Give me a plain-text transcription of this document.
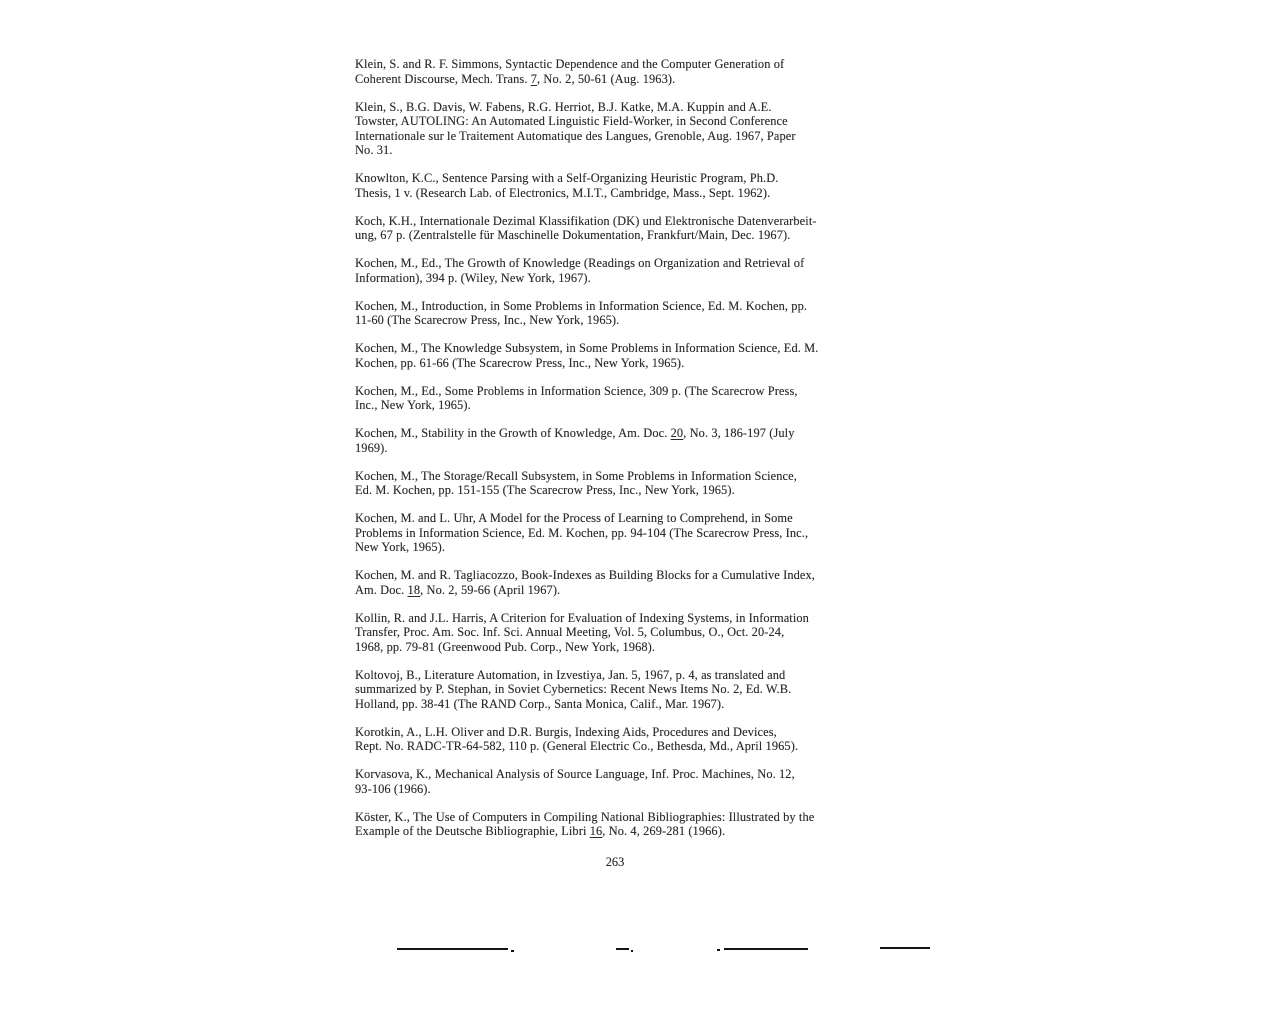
Klein, S. and R. F. Simmons, Syntactic Dependence and the Computer Generation of
Coherent Discourse, Mech. Trans. 7, No. 2, 50-61 (Aug. 1963).
Klein, S., B.G. Davis, W. Fabens, R.G. Herriot, B.J. Katke, M.A. Kuppin and A.E.
Towster, AUTOLING: An Automated Linguistic Field-Worker, in Second Conference
Internationale sur le Traitement Automatique des Langues, Grenoble, Aug. 1967, Paper
No. 31.
Knowlton, K.C., Sentence Parsing with a Self-Organizing Heuristic Program, Ph.D.
Thesis, 1 v. (Research Lab. of Electronics, M.I.T., Cambridge, Mass., Sept. 1962).
Koch, K.H., Internationale Dezimal Klassifikation (DK) und Elektronische Datenverarbeit-
ung, 67 p. (Zentralstelle für Maschinelle Dokumentation, Frankfurt/Main, Dec. 1967).
Kochen, M., Ed., The Growth of Knowledge (Readings on Organization and Retrieval of
Information), 394 p. (Wiley, New York, 1967).
Kochen, M., Introduction, in Some Problems in Information Science, Ed. M. Kochen, pp.
11-60 (The Scarecrow Press, Inc., New York, 1965).
Kochen, M., The Knowledge Subsystem, in Some Problems in Information Science, Ed. M.
Kochen, pp. 61-66 (The Scarecrow Press, Inc., New York, 1965).
Kochen, M., Ed., Some Problems in Information Science, 309 p. (The Scarecrow Press,
Inc., New York, 1965).
Kochen, M., Stability in the Growth of Knowledge, Am. Doc. 20, No. 3, 186-197 (July
1969).
Kochen, M., The Storage/Recall Subsystem, in Some Problems in Information Science,
Ed. M. Kochen, pp. 151-155 (The Scarecrow Press, Inc., New York, 1965).
Kochen, M. and L. Uhr, A Model for the Process of Learning to Comprehend, in Some
Problems in Information Science, Ed. M. Kochen, pp. 94-104 (The Scarecrow Press, Inc.,
New York, 1965).
Kochen, M. and R. Tagliacozzo, Book-Indexes as Building Blocks for a Cumulative Index,
Am. Doc. 18, No. 2, 59-66 (April 1967).
Kollin, R. and J.L. Harris, A Criterion for Evaluation of Indexing Systems, in Information
Transfer, Proc. Am. Soc. Inf. Sci. Annual Meeting, Vol. 5, Columbus, O., Oct. 20-24,
1968, pp. 79-81 (Greenwood Pub. Corp., New York, 1968).
Koltovoj, B., Literature Automation, in Izvestiya, Jan. 5, 1967, p. 4, as translated and
summarized by P. Stephan, in Soviet Cybernetics: Recent News Items No. 2, Ed. W.B.
Holland, pp. 38-41 (The RAND Corp., Santa Monica, Calif., Mar. 1967).
Korotkin, A., L.H. Oliver and D.R. Burgis, Indexing Aids, Procedures and Devices,
Rept. No. RADC-TR-64-582, 110 p. (General Electric Co., Bethesda, Md., April 1965).
Korvasova, K., Mechanical Analysis of Source Language, Inf. Proc. Machines, No. 12,
93-106 (1966).
Köster, K., The Use of Computers in Compiling National Bibliographies: Illustrated by the
Example of the Deutsche Bibliographie, Libri 16, No. 4, 269-281 (1966).
263
